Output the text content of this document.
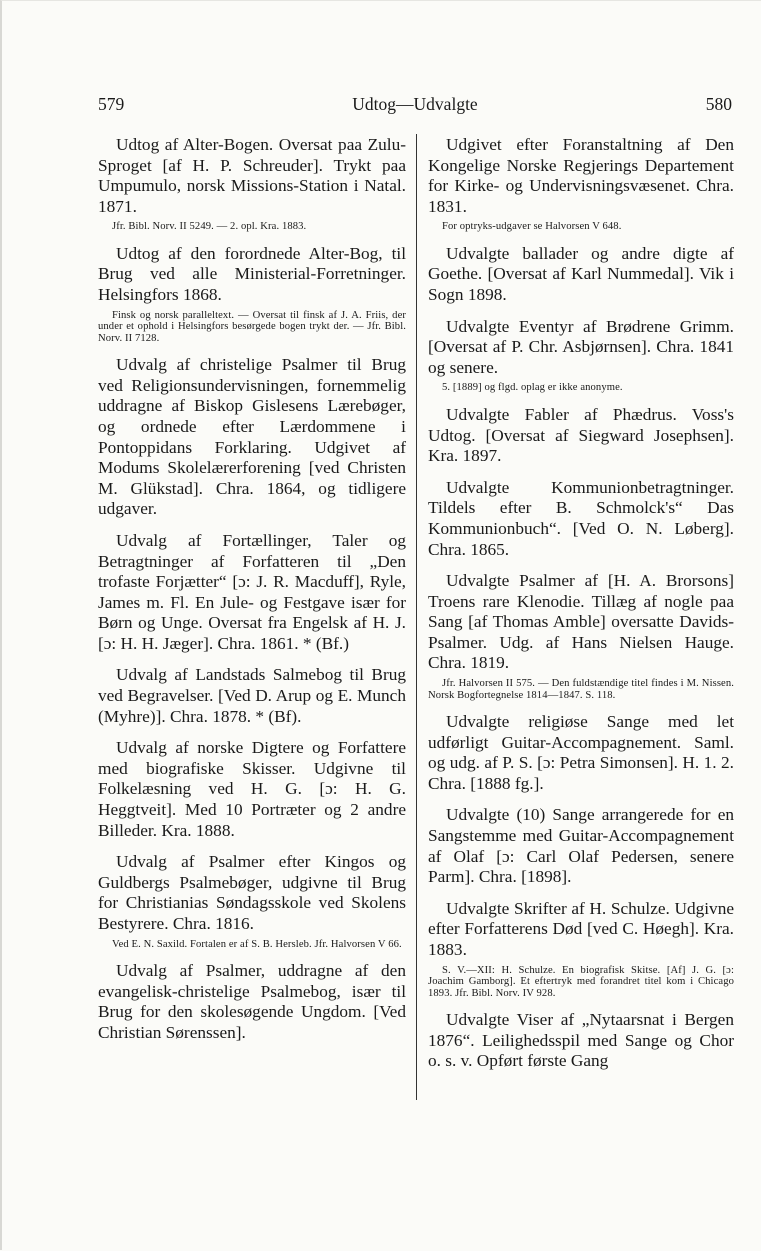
579	Udtog—Udvalgte	580
Udtog af Alter-Bogen. Oversat paa Zulu-Sproget [af H. P. Schreuder]. Trykt paa Umpumulo, norsk Missions-Station i Natal. 1871.
Jfr. Bibl. Norv. II 5249. — 2. opl. Kra. 1883.
Udtog af den forordnede Alter-Bog, til Brug ved alle Ministerial-Forretninger. Helsingfors 1868.
Finsk og norsk paralleltext. — Oversat til finsk af J. A. Friis, der under et ophold i Helsingfors besørgede bogen trykt der. — Jfr. Bibl. Norv. II 7128.
Udvalg af christelige Psalmer til Brug ved Religionsundervisningen, fornemmelig uddragne af Biskop Gislesens Lærebøger, og ordnede efter Lærdommene i Pontoppidans Forklaring. Udgivet af Modums Skolelærerforening [ved Christen M. Glükstad]. Chra. 1864, og tidligere udgaver.
Udvalg af Fortællinger, Taler og Betragtninger af Forfatteren til „Den trofaste Forjætter“ [ɔ: J. R. Macduff], Ryle, James m. Fl. En Jule- og Festgave især for Børn og Unge. Oversat fra Engelsk af H. J. [ɔ: H. H. Jæger]. Chra. 1861. * (Bf.)
Udvalg af Landstads Salmebog til Brug ved Begravelser. [Ved D. Arup og E. Munch (Myhre)]. Chra. 1878. * (Bf).
Udvalg af norske Digtere og Forfattere med biografiske Skisser. Udgivne til Folkelæsning ved H. G. [ɔ: H. G. Heggtveit]. Med 10 Portræter og 2 andre Billeder. Kra. 1888.
Udvalg af Psalmer efter Kingos og Guldbergs Psalmebøger, udgivne til Brug for Christianias Søndagsskole ved Skolens Bestyrere. Chra. 1816.
Ved E. N. Saxild. Fortalen er af S. B. Hersleb. Jfr. Halvorsen V 66.
Udvalg af Psalmer, uddragne af den evangelisk-christelige Psalmebog, især til Brug for den skolesøgende Ungdom. [Ved Christian Sørenssen].
Udgivet efter Foranstaltning af Den Kongelige Norske Regjerings Departement for Kirke- og Undervisningsvæsenet. Chra. 1831.
For optryks-udgaver se Halvorsen V 648.
Udvalgte ballader og andre digte af Goethe. [Oversat af Karl Nummedal]. Vik i Sogn 1898.
Udvalgte Eventyr af Brødrene Grimm. [Oversat af P. Chr. Asbjørnsen]. Chra. 1841 og senere.
5. [1889] og flgd. oplag er ikke anonyme.
Udvalgte Fabler af Phædrus. Voss's Udtog. [Oversat af Siegward Josephsen]. Kra. 1897.
Udvalgte Kommunionbetragtninger. Tildels efter B. Schmolck's“ Das Kommunionbuch“. [Ved O. N. Løberg]. Chra. 1865.
Udvalgte Psalmer af [H. A. Brorsons] Troens rare Klenodie. Tillæg af nogle paa Sang [af Thomas Amble] oversatte Davids-Psalmer. Udg. af Hans Nielsen Hauge. Chra. 1819.
Jfr. Halvorsen II 575. — Den fuldstændige titel findes i M. Nissen. Norsk Bogfortegnelse 1814—1847. S. 118.
Udvalgte religiøse Sange med let udførligt Guitar-Accompagnement. Saml. og udg. af P. S. [ɔ: Petra Simonsen]. H. 1. 2. Chra. [1888 fg.].
Udvalgte (10) Sange arrangerede for en Sangstemme med Guitar-Accompagnement af Olaf [ɔ: Carl Olaf Pedersen, senere Parm]. Chra. [1898].
Udvalgte Skrifter af H. Schulze. Udgivne efter Forfatterens Død [ved C. Høegh]. Kra. 1883.
S. V.—XII: H. Schulze. En biografisk Skitse. [Af] J. G. [ɔ: Joachim Gamborg]. Et eftertryk med forandret titel kom i Chicago 1893. Jfr. Bibl. Norv. IV 928.
Udvalgte Viser af „Nytaarsnat i Bergen 1876“. Leilighedsspil med Sange og Chor o. s. v. Opført første Gang
